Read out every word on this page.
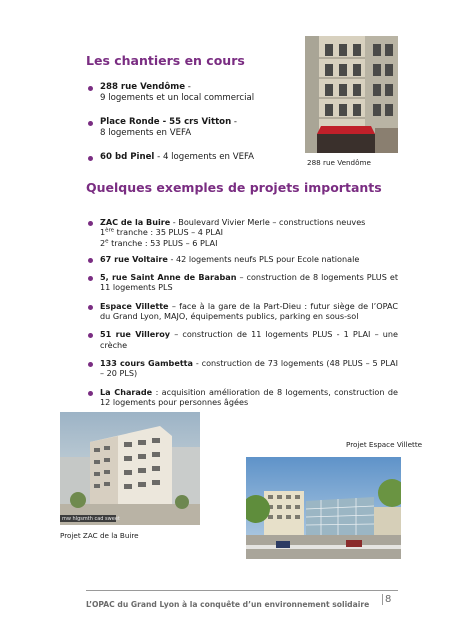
Les chantiers en cours
288 rue Vendôme -
9 logements et un local commercial
Place Ronde - 55 crs Vitton -
8 logements en VEFA
60 bd Pinel - 4 logements en VEFA
288 rue Vendôme
Quelques exemples de projets importants
ZAC de la Buire - Boulevard Vivier Merle – constructions neuves
1ère tranche : 35 PLUS – 4 PLAI
2e tranche : 53 PLUS – 6 PLAI
67 rue Voltaire - 42 logements neufs PLS pour Ecole nationale
5, rue Saint Anne de Baraban – construction de 8 logements PLUS et 11 logements PLS
Espace Villette – face à la gare de la Part-Dieu : futur siège de l’OPAC du Grand Lyon, MAJO, équipements publics, parking en sous-sol
51 rue Villeroy – construction de 11 logements PLUS - 1 PLAI – une crèche
133 cours Gambetta - construction de 73 logements (48 PLUS – 5 PLAI – 20 PLS)
La Charade : acquisition amélioration de 8 logements, construction de 12 logements pour personnes âgées
mw hlgsmth cad sweet
Projet ZAC de la Buire
Projet Espace Villette
L’OPAC du Grand Lyon à la conquête d’un environnement solidaire	8
